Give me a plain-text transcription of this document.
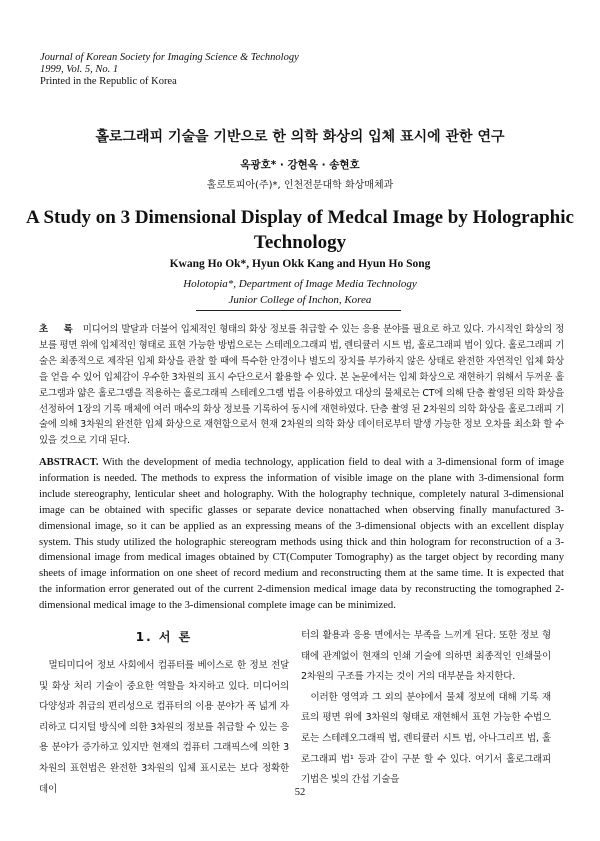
Journal of Korean Society for Imaging Science & Technology
1999, Vol. 5, No. 1
Printed in the Republic of Korea
홀로그래피 기술을 기반으로 한 의학 화상의 입체 표시에 관한 연구
옥광호* · 강현옥 · 송현호
홀로토피아(주)*, 인천전문대학 화상매체과
A Study on 3 Dimensional Display of Medcal Image by Holographic Technology
Kwang Ho Ok*, Hyun Okk Kang and Hyun Ho Song
Holotopia*, Department of Image Media Technology
Junior College of Inchon, Korea
초 록 미디어의 발달과 더불어 입체적인 형태의 화상 정보를 취급할 수 있는 응용 분야를 필요로 하고 있다. 가시적인 화상의 정보를 평면 위에 입체적인 형태로 표현 가능한 방법으로는 스테레오그래피 법, 렌티큘러 시트 법, 홀로그래피 법이 있다. 홀로그래피 기술은 최종적으로 제작된 입체 화상을 관찰 할 때에 특수한 안경이나 별도의 장치를 부가하지 않은 상태로 완전한 자연적인 입체 화상을 얻을 수 있어 입체감이 우수한 3차원의 표시 수단으로서 활용할 수 있다. 본 논문에서는 입체 화상으로 재현하기 위해서 두꺼운 홀로그램과 얇은 홀로그램을 적용하는 홀로그래픽 스테레오그램 법을 이용하였고 대상의 물체로는 CT에 의해 단층 촬영된 의학 화상을 선정하여 1장의 기록 매체에 여러 매수의 화상 정보를 기록하여 동시에 재현하였다. 단층 촬영 된 2차원의 의학 화상을 홀로그래피 기술에 의해 3차원의 완전한 입체 화상으로 재현함으로서 현재 2차원의 의학 화상 데이터로부터 발생 가능한 정보 오차를 최소화 할 수 있을 것으로 기대 된다.
ABSTRACT. With the development of media technology, application field to deal with a 3-dimensional form of image information is needed. The methods to express the information of visible image on the plane with 3-dimensional form include stereography, lenticular sheet and holography. With the holography technique, completely natural 3-dimensional image can be obtained with specific glasses or separate device nonattached when observing finally manufactured 3-dimensional image, so it can be applied as an expressing means of the 3-dimensional objects with an excellent display system. This study utilized the holographic stereogram methods using thick and thin hologram for reconstruction of a 3-dimensional image from medical images obtained by CT(Computer Tomography) as the target object by recording many sheets of image information on one sheet of record medium and reconstructing them at the same time. It is expected that the information error generated out of the current 2-dimension medical image data by reconstructing the tomographed 2-dimensional medical image to the 3-dimensional complete image can be minimized.
1. 서 론

멀티미디어 정보 사회에서 컴퓨터를 베이스로 한 정보 전달 및 화상 처리 기술이 중요한 역할을 차지하고 있다. 미디어의 다양성과 취급의 편리성으로 컴퓨터의 이용 분야가 폭 넓게 자리하고 디지털 방식에 의한 3차원의 정보를 취급할 수 있는 응용 분야가 증가하고 있지만 현재의 컴퓨터 그래픽스에 의한 3차원의 표현법은 완전한 3차원의 입체 표시로는 보다 정확한 데이

터의 활용과 응용 면에서는 부족을 느끼게 된다. 또한 정보 형태에 관계없이 현재의 인쇄 기술에 의하면 최종적인 인쇄물이 2차원의 구조를 가지는 것이 거의 대부분을 차지한다.

이러한 영역과 그 외의 분야에서 물체 정보에 대해 기록 재료의 평면 위에 3차원의 형태로 재현해서 표현 가능한 수법으로는 스테레오그래픽 법, 렌티큘러 시트 법, 아나그리프 법, 홀로그래피 법¹ 등과 같이 구분 할 수 있다. 여기서 홀로그래피 기법은 빛의 간섭 기술을

52
